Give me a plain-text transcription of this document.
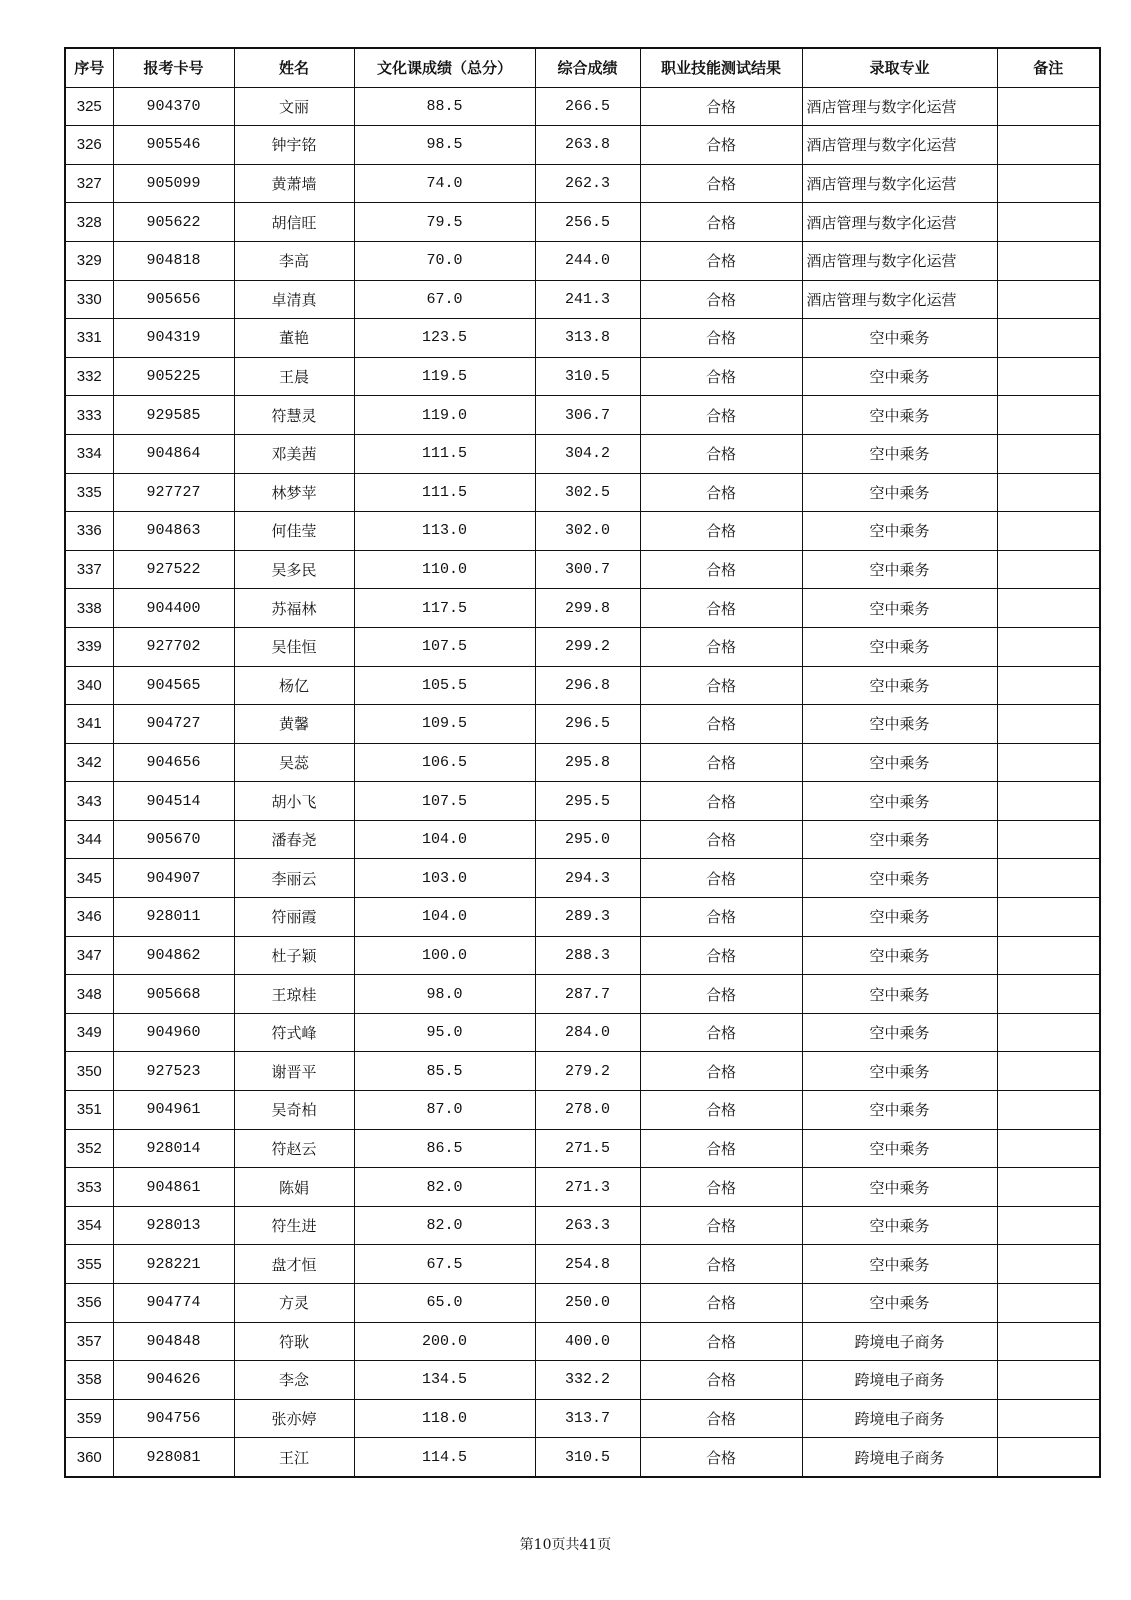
序号	报考卡号	姓名	文化课成绩（总分）	综合成绩	职业技能测试结果	录取专业	备注
325	904370	文丽	88.5	266.5	合格	酒店管理与数字化运营	
326	905546	钟宇铭	98.5	263.8	合格	酒店管理与数字化运营	
327	905099	黄萧墙	74.0	262.3	合格	酒店管理与数字化运营	
328	905622	胡信旺	79.5	256.5	合格	酒店管理与数字化运营	
329	904818	李高	70.0	244.0	合格	酒店管理与数字化运营	
330	905656	卓清真	67.0	241.3	合格	酒店管理与数字化运营	
331	904319	董艳	123.5	313.8	合格	空中乘务	
332	905225	王晨	119.5	310.5	合格	空中乘务	
333	929585	符慧灵	119.0	306.7	合格	空中乘务	
334	904864	邓美茜	111.5	304.2	合格	空中乘务	
335	927727	林梦苹	111.5	302.5	合格	空中乘务	
336	904863	何佳莹	113.0	302.0	合格	空中乘务	
337	927522	吴多民	110.0	300.7	合格	空中乘务	
338	904400	苏福林	117.5	299.8	合格	空中乘务	
339	927702	吴佳恒	107.5	299.2	合格	空中乘务	
340	904565	杨亿	105.5	296.8	合格	空中乘务	
341	904727	黄馨	109.5	296.5	合格	空中乘务	
342	904656	吴蕊	106.5	295.8	合格	空中乘务	
343	904514	胡小飞	107.5	295.5	合格	空中乘务	
344	905670	潘春尧	104.0	295.0	合格	空中乘务	
345	904907	李丽云	103.0	294.3	合格	空中乘务	
346	928011	符丽霞	104.0	289.3	合格	空中乘务	
347	904862	杜子颖	100.0	288.3	合格	空中乘务	
348	905668	王琼桂	98.0	287.7	合格	空中乘务	
349	904960	符式峰	95.0	284.0	合格	空中乘务	
350	927523	谢晋平	85.5	279.2	合格	空中乘务	
351	904961	吴奇柏	87.0	278.0	合格	空中乘务	
352	928014	符赵云	86.5	271.5	合格	空中乘务	
353	904861	陈娟	82.0	271.3	合格	空中乘务	
354	928013	符生进	82.0	263.3	合格	空中乘务	
355	928221	盘才恒	67.5	254.8	合格	空中乘务	
356	904774	方灵	65.0	250.0	合格	空中乘务	
357	904848	符耿	200.0	400.0	合格	跨境电子商务	
358	904626	李念	134.5	332.2	合格	跨境电子商务	
359	904756	张亦婷	118.0	313.7	合格	跨境电子商务	
360	928081	王江	114.5	310.5	合格	跨境电子商务	
第10页共41页
